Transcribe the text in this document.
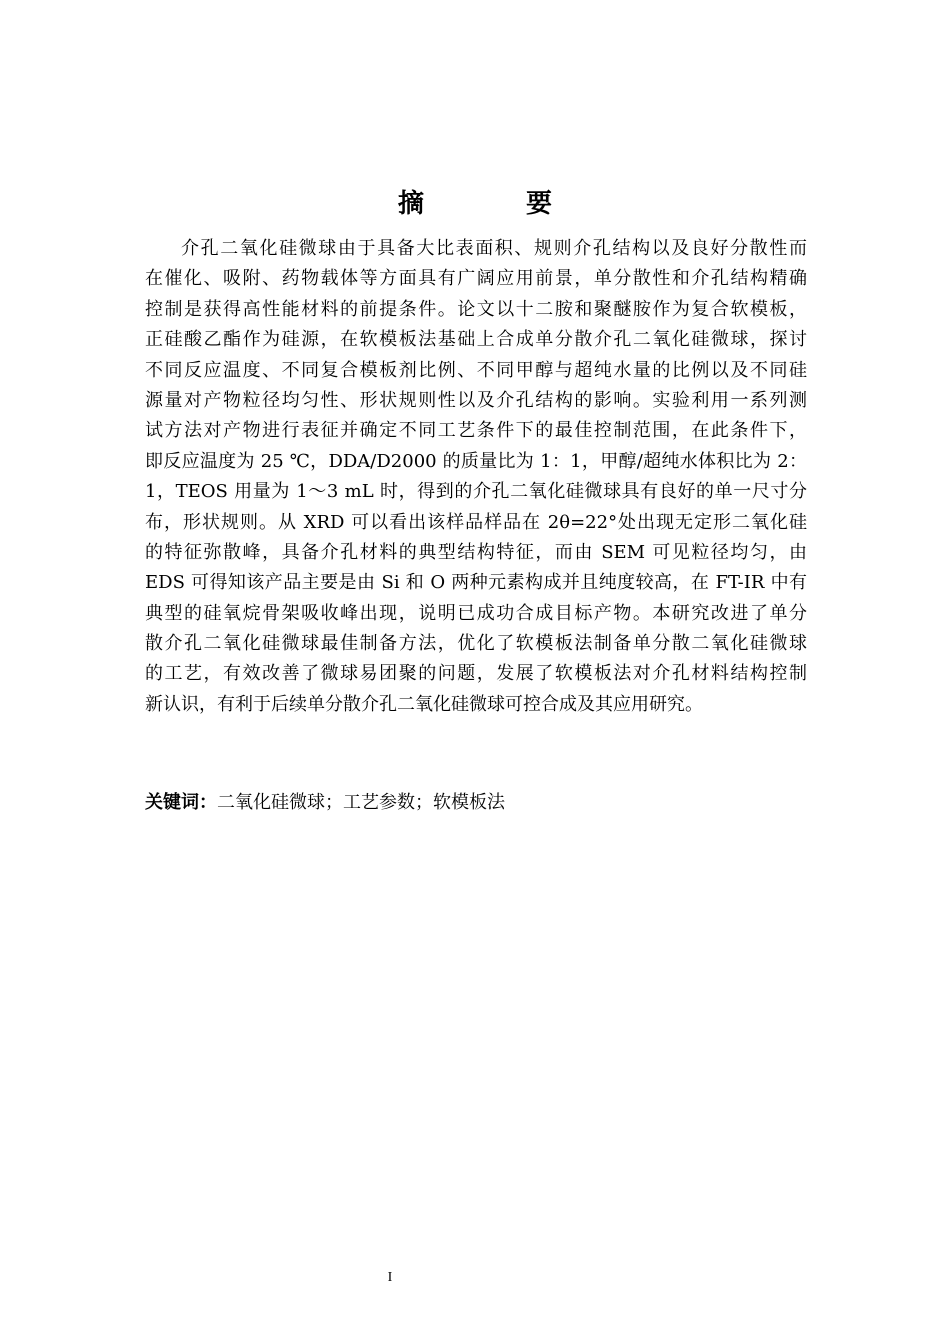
摘　要
介孔二氧化硅微球由于具备大比表面积、规则介孔结构以及良好分散性而
在催化、吸附、药物载体等方面具有广阔应用前景，单分散性和介孔结构精确
控制是获得高性能材料的前提条件。论文以十二胺和聚醚胺作为复合软模板，
正硅酸乙酯作为硅源，在软模板法基础上合成单分散介孔二氧化硅微球，探讨
不同反应温度、不同复合模板剂比例、不同甲醇与超纯水量的比例以及不同硅
源量对产物粒径均匀性、形状规则性以及介孔结构的影响。实验利用一系列测
试方法对产物进行表征并确定不同工艺条件下的最佳控制范围，在此条件下，
即反应温度为 25 ℃，DDA/D2000 的质量比为 1：1，甲醇/超纯水体积比为 2：
1，TEOS 用量为 1～3 mL 时，得到的介孔二氧化硅微球具有良好的单一尺寸分
布，形状规则。从 XRD 可以看出该样品样品在 2θ=22°处出现无定形二氧化硅
的特征弥散峰，具备介孔材料的典型结构特征，而由 SEM 可见粒径均匀，由
EDS 可得知该产品主要是由 Si 和 O 两种元素构成并且纯度较高，在 FT-IR 中有
典型的硅氧烷骨架吸收峰出现，说明已成功合成目标产物。本研究改进了单分
散介孔二氧化硅微球最佳制备方法，优化了软模板法制备单分散二氧化硅微球
的工艺，有效改善了微球易团聚的问题，发展了软模板法对介孔材料结构控制
新认识，有利于后续单分散介孔二氧化硅微球可控合成及其应用研究。
关键词：二氧化硅微球；工艺参数；软模板法
I
